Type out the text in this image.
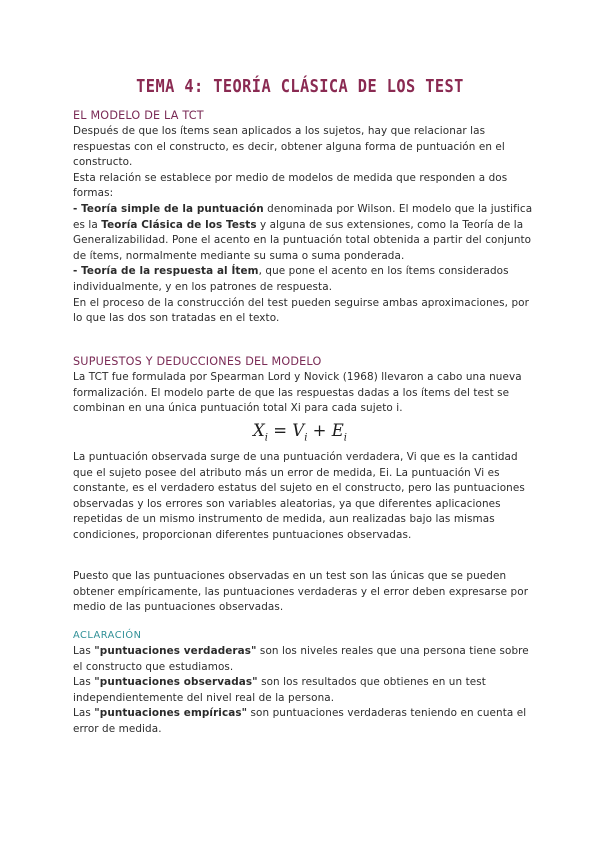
TEMA 4: TEORÍA CLÁSICA DE LOS TEST
EL MODELO DE LA TCT

Después de que los ítems sean aplicados a los sujetos, hay que relacionar las respuestas con el constructo, es decir, obtener alguna forma de puntuación en el constructo.

Esta relación se establece por medio de modelos de medida que responden a dos formas:

- Teoría simple de la puntuación denominada por Wilson. El modelo que la justifica es la Teoría Clásica de los Tests y alguna de sus extensiones, como la Teoría de la Generalizabilidad. Pone el acento en la puntuación total obtenida a partir del conjunto de ítems, normalmente mediante su suma o suma ponderada.

- Teoría de la respuesta al Ítem, que pone el acento en los ítems considerados individualmente, y en los patrones de respuesta.

En el proceso de la construcción del test pueden seguirse ambas aproximaciones, por lo que las dos son tratadas en el texto.

SUPUESTOS Y DEDUCCIONES DEL MODELO

La TCT fue formulada por Spearman Lord y Novick (1968) llevaron a cabo una nueva formalización. El modelo parte de que las respuestas dadas a los ítems del test se combinan en una única puntuación total Xi para cada sujeto i.

$X_i = V_i + E_i$

La puntuación observada surge de una puntuación verdadera, Vi que es la cantidad que el sujeto posee del atributo más un error de medida, Ei. La puntuación Vi es constante, es el verdadero estatus del sujeto en el constructo, pero las puntuaciones observadas y los errores son variables aleatorias, ya que diferentes aplicaciones repetidas de un mismo instrumento de medida, aun realizadas bajo las mismas condiciones, proporcionan diferentes puntuaciones observadas.

Puesto que las puntuaciones observadas en un test son las únicas que se pueden obtener empíricamente, las puntuaciones verdaderas y el error deben expresarse por medio de las puntuaciones observadas.

ACLARACIÓN

Las "puntuaciones verdaderas" son los niveles reales que una persona tiene sobre el constructo que estudiamos.

Las "puntuaciones observadas" son los resultados que obtienes en un test independientemente del nivel real de la persona.

Las "puntuaciones empíricas" son puntuaciones verdaderas teniendo en cuenta el error de medida.
